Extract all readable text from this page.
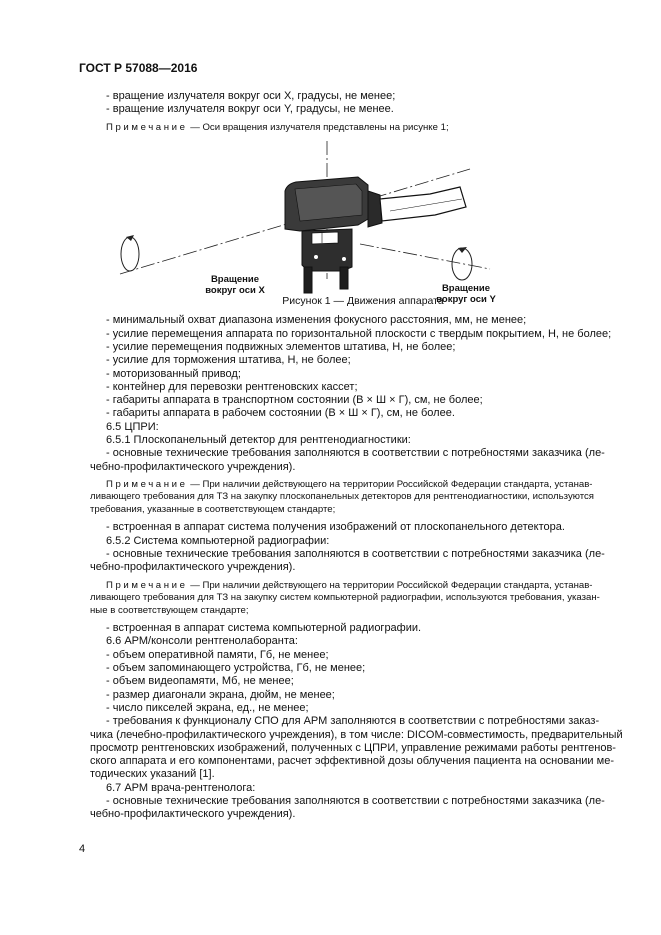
ГОСТ Р 57088—2016
- вращение излучателя вокруг оси X, градусы, не менее;
- вращение излучателя вокруг оси Y, градусы, не менее.
Примечание — Оси вращения излучателя представлены на рисунке 1;
Вращение
вокруг оси X	Вращение
вокруг оси Y
Рисунок 1 — Движения аппарата
- минимальный охват диапазона изменения фокусного расстояния, мм, не менее;
- усилие перемещения аппарата по горизонтальной плоскости с твердым покрытием, Н, не более;
- усилие перемещения подвижных элементов штатива, Н, не более;
- усилие для торможения штатива, Н, не более;
- моторизованный привод;
- контейнер для перевозки рентгеновских кассет;
- габариты аппарата в транспортном состоянии (В × Ш × Г), см, не более;
- габариты аппарата в рабочем состоянии (В × Ш × Г), см, не более.
6.5 ЦПРИ:
6.5.1 Плоскопанельный детектор для рентгенодиагностики:
- основные технические требования заполняются в соответствии с потребностями заказчика (ле-
чебно-профилактического учреждения).
Примечание — При наличии действующего на территории Российской Федерации стандарта, устанав-
ливающего требования для ТЗ на закупку плоскопанельных детекторов для рентгенодиагностики, используются
требования, указанные в соответствующем стандарте;
- встроенная в аппарат система получения изображений от плоскопанельного детектора.
6.5.2 Система компьютерной радиографии:
- основные технические требования заполняются в соответствии с потребностями заказчика (ле-
чебно-профилактического учреждения).
Примечание — При наличии действующего на территории Российской Федерации стандарта, устанав-
ливающего требования для ТЗ на закупку систем компьютерной радиографии, используются требования, указан-
ные в соответствующем стандарте;
- встроенная в аппарат система компьютерной радиографии.
6.6 АРМ/консоли рентгенолаборанта:
- объем оперативной памяти, Гб, не менее;
- объем запоминающего устройства, Гб, не менее;
- объем видеопамяти, Мб, не менее;
- размер диагонали экрана, дюйм, не менее;
- число пикселей экрана, ед., не менее;
- требования к функционалу СПО для АРМ заполняются в соответствии с потребностями заказ-
чика (лечебно-профилактического учреждения), в том числе: DICOM-совместимость, предварительный
просмотр рентгеновских изображений, полученных с ЦПРИ, управление режимами работы рентгенов-
ского аппарата и его компонентами, расчет эффективной дозы облучения пациента на основании ме-
тодических указаний [1].
6.7 АРМ врача-рентгенолога:
- основные технические требования заполняются в соответствии с потребностями заказчика (ле-
чебно-профилактического учреждения).
4
